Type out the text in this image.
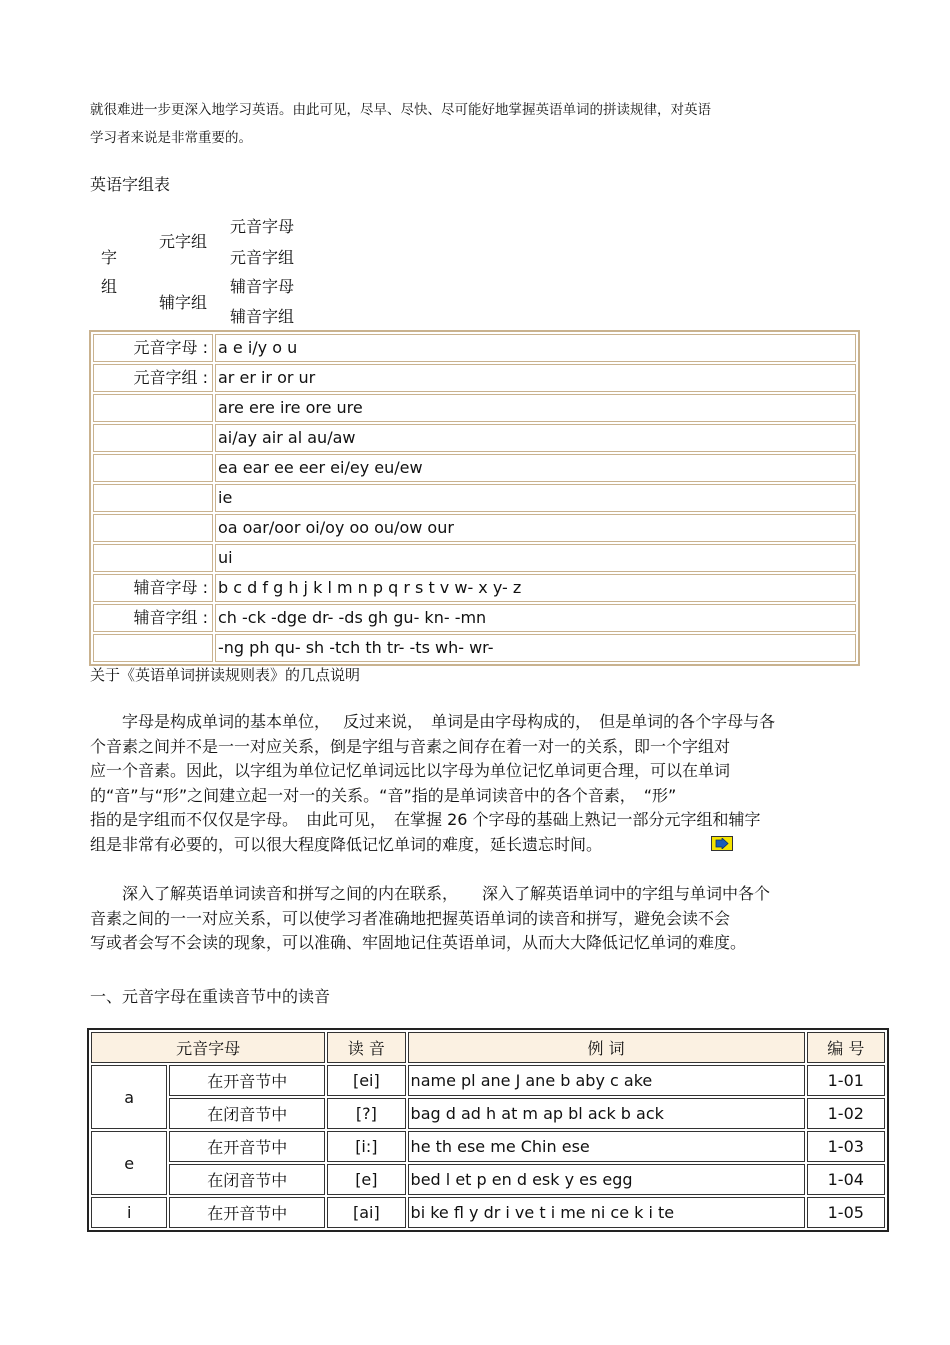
就很难进一步更深入地学习英语。由此可见，尽早、尽快、尽可能好地掌握英语单词的拼读规律，对英语
学习者来说是非常重要的。
英语字组表
字
组
元字组
辅字组
元音字母
元音字组
辅音字母
辅音字组
元音字母 :	a e i/y o u
元音字组 :	ar er ir or ur
	are ere ire ore ure
	ai/ay air al au/aw
	ea ear ee eer ei/ey eu/ew
	ie
	oa oar/oor oi/oy oo ou/ow our
	ui
辅音字母 :	b c d f g h j k l m n p q r s t v w- x y- z
辅音字组 :	ch -ck -dge dr- -ds gh gu- kn- -mn
	-ng ph qu- sh -tch th tr- -ts wh- wr-
关于《英语单词拼读规则表》的几点说明
　　字母是构成单词的基本单位，　 反过来说，　单词是由字母构成的，　但是单词的各个字母与各
个音素之间并不是一一对应关系，倒是字组与音素之间存在着一对一的关系，即一个字组对
应一个音素。因此，以字组为单位记忆单词远比以字母为单位记忆单词更合理，可以在单词
的“音”与“形”之间建立起一对一的关系。“音”指的是单词读音中的各个音素，　“形”
指的是字组而不仅仅是字母。　由此可见，　在掌握 26 个字母的基础上熟记一部分元字组和辅字
组是非常有必要的，可以很大程度降低记忆单词的难度，延长遗忘时间。
　　深入了解英语单词读音和拼写之间的内在联系，　　深入了解英语单词中的字组与单词中各个
音素之间的一一对应关系，可以使学习者准确地把握英语单词的读音和拼写，避免会读不会
写或者会写不会读的现象，可以准确、牢固地记住英语单词，从而大大降低记忆单词的难度。
一、元音字母在重读音节中的读音
元音字母		读 音	例 词	编 号
a	在开音节中	[ei]	name pl ane J ane b aby c ake	1-01
	在闭音节中	[?]	bag d ad h at m ap bl ack b ack	1-02
e	在开音节中	[i:]	he th ese me Chin ese	1-03
	在闭音节中	[e]	bed l et p en d esk y es egg	1-04
i	在开音节中	[ai]	bi ke fl y dr i ve t i me ni ce k i te	1-05
